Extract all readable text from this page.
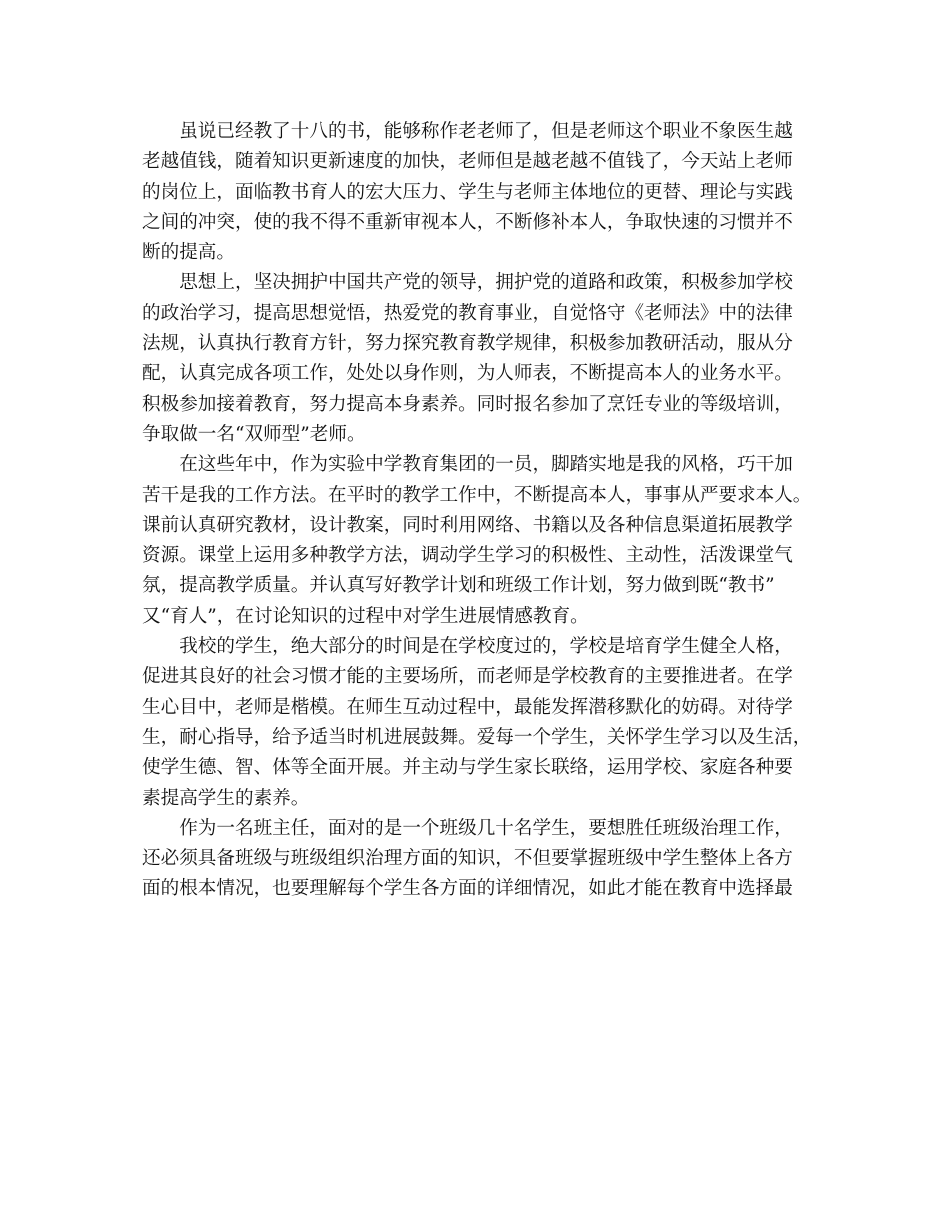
　　虽说已经教了十八的书，能够称作老老师了，但是老师这个职业不象医生越
老越值钱，随着知识更新速度的加快，老师但是越老越不值钱了，今天站上老师
的岗位上，面临教书育人的宏大压力、学生与老师主体地位的更替、理论与实践
之间的冲突，使的我不得不重新审视本人，不断修补本人，争取快速的习惯并不
断的提高。

　　思想上，坚决拥护中国共产党的领导，拥护党的道路和政策，积极参加学校
的政治学习，提高思想觉悟，热爱党的教育事业，自觉恪守《老师法》中的法律
法规，认真执行教育方针，努力探究教育教学规律，积极参加教研活动，服从分
配，认真完成各项工作，处处以身作则，为人师表，不断提高本人的业务水平。
积极参加接着教育，努力提高本身素养。同时报名参加了烹饪专业的等级培训，
争取做一名“双师型”老师。

　　在这些年中，作为实验中学教育集团的一员，脚踏实地是我的风格，巧干加
苦干是我的工作方法。在平时的教学工作中，不断提高本人，事事从严要求本人。
课前认真研究教材，设计教案，同时利用网络、书籍以及各种信息渠道拓展教学
资源。课堂上运用多种教学方法，调动学生学习的积极性、主动性，活泼课堂气
氛，提高教学质量。并认真写好教学计划和班级工作计划，努力做到既“教书”
又“育人”，在讨论知识的过程中对学生进展情感教育。

　　我校的学生，绝大部分的时间是在学校度过的，学校是培育学生健全人格，
促进其良好的社会习惯才能的主要场所，而老师是学校教育的主要推进者。在学
生心目中，老师是楷模。在师生互动过程中，最能发挥潜移默化的妨碍。对待学
生，耐心指导，给予适当时机进展鼓舞。爱每一个学生，关怀学生学习以及生活，
使学生德、智、体等全面开展。并主动与学生家长联络，运用学校、家庭各种要
素提高学生的素养。

　　作为一名班主任，面对的是一个班级几十名学生，要想胜任班级治理工作，
还必须具备班级与班级组织治理方面的知识，不但要掌握班级中学生整体上各方
面的根本情况，也要理解每个学生各方面的详细情况，如此才能在教育中选择最
